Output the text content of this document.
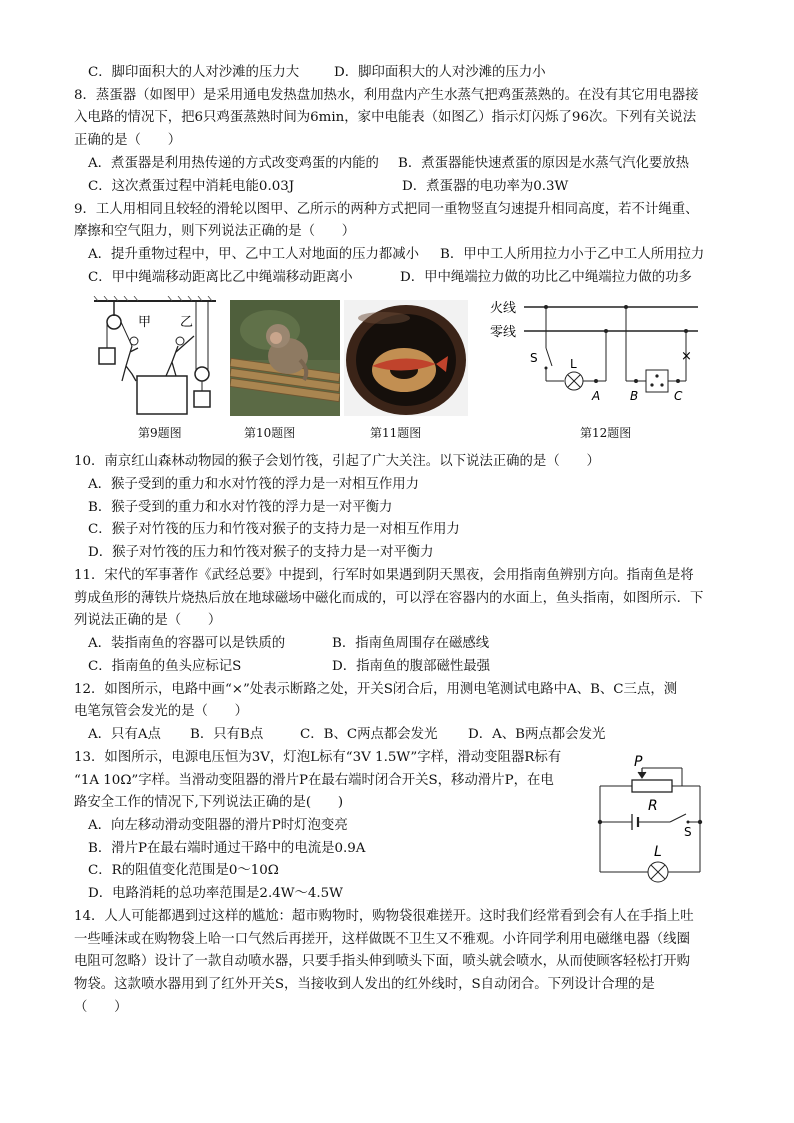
C．脚印面积大的人对沙滩的压力大	D．脚印面积大的人对沙滩的压力小
8．蒸蛋器（如图甲）是采用通电发热盘加热水，利用盘内产生水蒸气把鸡蛋蒸熟的。在没有其它用电器接
入电路的情况下，把6只鸡蛋蒸熟时间为6min，家中电能表（如图乙）指示灯闪烁了96次。下列有关说法
正确的是（　　）
A．煮蛋器是利用热传递的方式改变鸡蛋的内能的 B．煮蛋器能快速煮蛋的原因是水蒸气汽化要放热
C．这次煮蛋过程中消耗电能0.03J	D．煮蛋器的电功率为0.3W
9．工人用相同且较轻的滑轮以图甲、乙所示的两种方式把同一重物竖直匀速提升相同高度，若不计绳重、
摩擦和空气阻力，则下列说法正确的是（　　）
A．提升重物过程中，甲、乙中工人对地面的压力都减小 B．甲中工人所用拉力小于乙中工人所用拉力
C．甲中绳端移动距离比乙中绳端移动距离小	D．甲中绳端拉力做的功比乙中绳端拉力做的功多
甲 乙
第9题图	第10题图	第11题图
火线
零线
S	L
A
×
B	C
第12题图
10．南京红山森林动物园的猴子会划竹筏，引起了广大关注。以下说法正确的是（　　）
A．猴子受到的重力和水对竹筏的浮力是一对相互作用力
B．猴子受到的重力和水对竹筏的浮力是一对平衡力
C．猴子对竹筏的压力和竹筏对猴子的支持力是一对相互作用力
D．猴子对竹筏的压力和竹筏对猴子的支持力是一对平衡力
11．宋代的军事著作《武经总要》中提到，行军时如果遇到阴天黑夜，会用指南鱼辨别方向。指南鱼是将
剪成鱼形的薄铁片烧热后放在地球磁场中磁化而成的，可以浮在容器内的水面上，鱼头指南，如图所示．下
列说法正确的是（　　）
A．装指南鱼的容器可以是铁质的	B．指南鱼周围存在磁感线
C．指南鱼的鱼头应标记S	D．指南鱼的腹部磁性最强
12．如图所示，电路中画“×”处表示断路之处，开关S闭合后，用测电笔测试电路中A、B、C三点，测
电笔氖管会发光的是（　　）
A．只有A点 B．只有B点	C．B、C两点都会发光 D．A、B两点都会发光
13．如图所示，电源电压恒为3V，灯泡L标有“3V 1.5W”字样，滑动变阻器R标有
“1A 10Ω”字样。当滑动变阻器的滑片P在最右端时闭合开关S，移动滑片P，在电
路安全工作的情况下,下列说法正确的是(　　)
A．向左移动滑动变阻器的滑片P时灯泡变亮
B．滑片P在最右端时通过干路中的电流是0.9A
C．R的阻值变化范围是0～10Ω
D．电路消耗的总功率范围是2.4W～4.5W
P
R
S
L
14．人人可能都遇到过这样的尴尬：超市购物时，购物袋很难搓开。这时我们经常看到会有人在手指上吐
一些唾沫或在购物袋上哈一口气然后再搓开，这样做既不卫生又不雅观。小许同学利用电磁继电器（线圈
电阻可忽略）设计了一款自动喷水器，只要手指头伸到喷头下面，喷头就会喷水，从而使顾客轻松打开购
物袋。这款喷水器用到了红外开关S，当接收到人发出的红外线时，S自动闭合。下列设计合理的是
（　　）
